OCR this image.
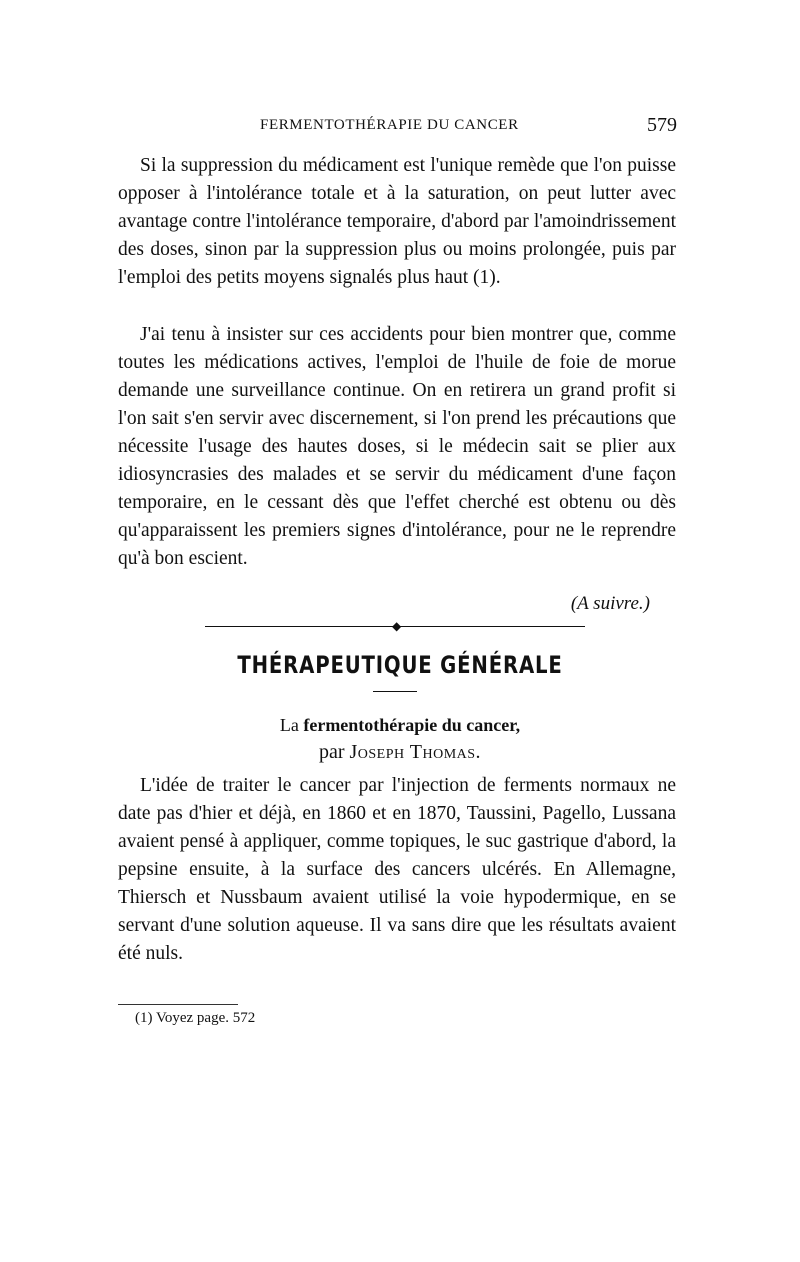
FERMENTOTHÉRAPIE DU CANCER	579

Si la suppression du médicament est l'unique remède que l'on puisse opposer à l'intolérance totale et à la saturation, on peut lutter avec avantage contre l'intolérance temporaire, d'abord par l'amoindrissement des doses, sinon par la suppression plus ou moins prolongée, puis par l'emploi des petits moyens signalés plus haut (1).

J'ai tenu à insister sur ces accidents pour bien montrer que, comme toutes les médications actives, l'emploi de l'huile de foie de morue demande une surveillance continue. On en retirera un grand profit si l'on sait s'en servir avec discernement, si l'on prend les précautions que nécessite l'usage des hautes doses, si le médecin sait se plier aux idiosyncrasies des malades et se servir du médicament d'une façon temporaire, en le cessant dès que l'effet cherché est obtenu ou dès qu'apparaissent les premiers signes d'intolérance, pour ne le reprendre qu'à bon escient.

(A suivre.)
◆
THÉRAPEUTIQUE GÉNÉRALE
La fermentothérapie du cancer,
par Joseph Thomas.

L'idée de traiter le cancer par l'injection de ferments normaux ne date pas d'hier et déjà, en 1860 et en 1870, Taussini, Pagello, Lussana avaient pensé à appliquer, comme topiques, le suc gastrique d'abord, la pepsine ensuite, à la surface des cancers ulcérés. En Allemagne, Thiersch et Nussbaum avaient utilisé la voie hypodermique, en se servant d'une solution aqueuse. Il va sans dire que les résultats avaient été nuls.

(1) Voyez page. 572
